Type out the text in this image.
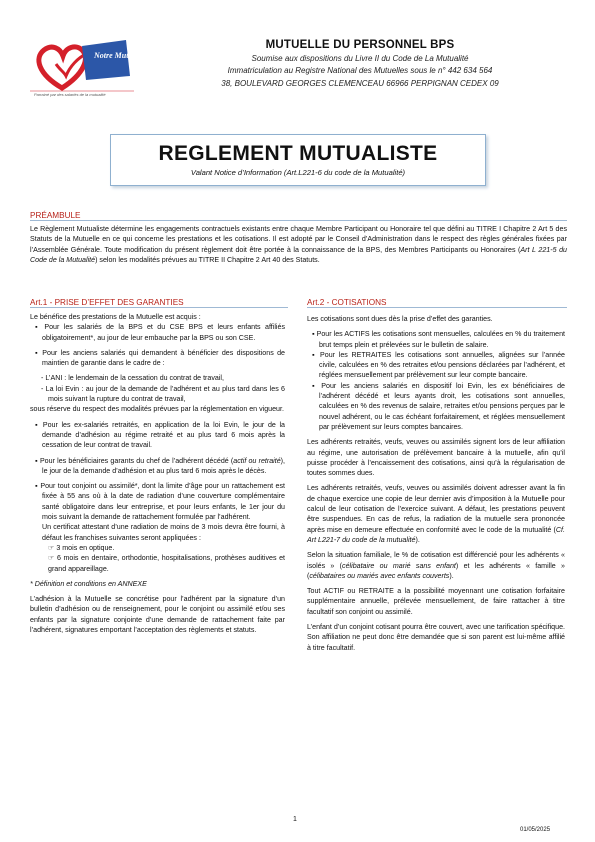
Notre Mutuelle
Parrainé par des salariés de la mutualité
MUTUELLE DU PERSONNEL BPS
Soumise aux dispositions du Livre II du Code de La Mutualité
Immatriculation au Registre National des Mutuelles sous le n° 442 634 564
38, BOULEVARD GEORGES CLEMENCEAU 66966 PERPIGNAN CEDEX 09
REGLEMENT MUTUALISTE
Valant Notice d’Information (Art.L221-6 du code de la Mutualité)
PRÉAMBULE

Le Règlement Mutualiste détermine les engagements contractuels existants entre chaque Membre Participant ou Honoraire tel que défini au TITRE I Chapitre 2 Art 5 des Statuts de la Mutuelle en ce qui concerne les prestations et les cotisations. Il est adopté par le Conseil d’Administration dans le respect des règles générales fixées par l’Assemblée Générale. Toute modification du présent règlement doit être portée à la connaissance de la BPS, des Membres Participants ou Honoraires (Art L 221-5 du Code de la Mutualité) selon les modalités prévues au TITRE II Chapitre 2 Art 40 des Statuts.

Art.1 - PRISE D’EFFET DES GARANTIES

Le bénéfice des prestations de la Mutuelle est acquis :

▪ Pour les salariés de la BPS et du CSE BPS et leurs enfants affiliés obligatoirement*, au jour de leur embauche par la BPS ou son CSE.

▪ Pour les anciens salariés qui demandent à bénéficier des dispositions de maintien de garantie dans le cadre de :

- L’ANI : le lendemain de la cessation du contrat de travail,

- La loi Evin : au jour de la demande de l’adhérent et au plus tard dans les 6 mois suivant la rupture du contrat de travail,

sous réserve du respect des modalités prévues par la réglementation en vigueur.

▪ Pour les ex-salariés retraités, en application de la loi Evin, le jour de la demande d’adhésion au régime retraité et au plus tard 6 mois après la cessation de leur contrat de travail.

▪ Pour les bénéficiaires garants du chef de l’adhérent décédé (actif ou retraité), le jour de la demande d’adhésion et au plus tard 6 mois après le décès.

▪ Pour tout conjoint ou assimilé*, dont la limite d’âge pour un rattachement est fixée à 55 ans où à la date de radiation d’une couverture complémentaire santé obligatoire dans leur entreprise, et pour leurs enfants, le 1er jour du mois suivant la demande de rattachement formulée par l’adhérent.

Un certificat attestant d’une radiation de moins de 3 mois devra être fourni, à défaut les franchises suivantes seront appliquées :

☞ 3 mois en optique.

☞ 6 mois en dentaire, orthodontie, hospitalisations, prothèses auditives et grand appareillage.

* Définition et conditions en ANNEXE

L’adhésion à la Mutuelle se concrétise pour l’adhérent par la signature d’un bulletin d’adhésion ou de renseignement, pour le conjoint ou assimilé et/ou ses enfants par la signature conjointe d’une demande de rattachement faite par l’adhérent, signatures emportant l’acceptation des règlements et statuts.

Art.2 - COTISATIONS

Les cotisations sont dues dès la prise d’effet des garanties.

▪ Pour les ACTIFS les cotisations sont mensuelles, calculées en % du traitement brut temps plein et prélevées sur le bulletin de salaire.

▪ Pour les RETRAITES les cotisations sont annuelles, alignées sur l’année civile, calculées en % des retraites et/ou pensions déclarées par l’adhérent, et réglées mensuellement par prélèvement sur leur compte bancaire.

▪ Pour les anciens salariés en dispositif loi Evin, les ex bénéficiaires de l’adhérent décédé et leurs ayants droit, les cotisations sont annuelles, calculées en % des revenus de salaire, retraites et/ou pensions perçues par le nouvel adhérent, ou le cas échéant forfaitairement, et réglées mensuellement par prélèvement sur leurs comptes bancaires.

Les adhérents retraités, veufs, veuves ou assimilés signent lors de leur affiliation au régime, une autorisation de prélèvement bancaire à la mutuelle, afin qu’il puisse procéder à l’encaissement des cotisations, ainsi qu’à la régularisation de toutes sommes dues.

Les adhérents retraités, veufs, veuves ou assimilés doivent adresser avant la fin de chaque exercice une copie de leur dernier avis d’imposition à la Mutuelle pour calcul de leur cotisation de l’exercice suivant. A défaut, les prestations peuvent être suspendues. En cas de refus, la radiation de la mutuelle sera prononcée après mise en demeure effectuée en conformité avec le code de la mutualité (Cf. Art L221-7 du code de la mutualité).

Selon la situation familiale, le % de cotisation est différencié pour les adhérents « isolés » (célibataire ou marié sans enfant) et les adhérents « famille » (célibataires ou mariés avec enfants couverts).

Tout ACTIF ou RETRAITE a la possibilité moyennant une cotisation forfaitaire supplémentaire annuelle, prélevée mensuellement, de faire rattacher à titre facultatif son conjoint ou assimilé.

L’enfant d’un conjoint cotisant pourra être couvert, avec une tarification spécifique. Son affiliation ne peut donc être demandée que si son parent est lui-même affilié à titre facultatif.

1
01/05/2025
